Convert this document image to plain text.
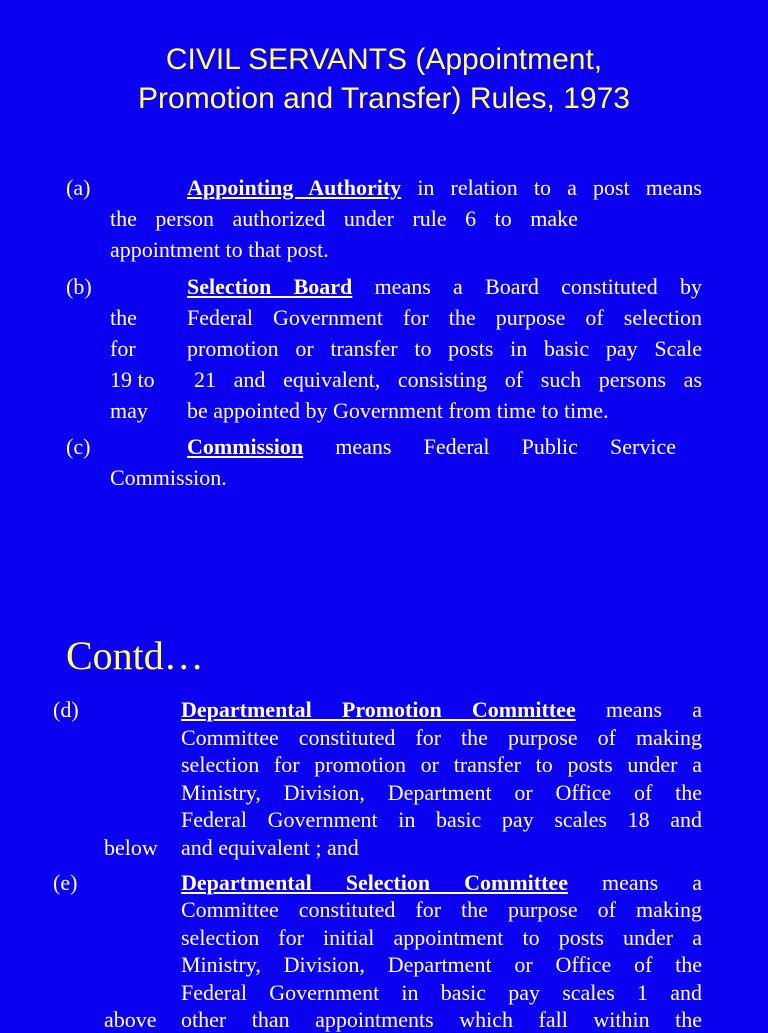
CIVIL SERVANTS (Appointment,
Promotion and Transfer) Rules, 1973
(a)	Appointing Authority in relation to a post means
the person authorized under rule 6 to make
appointment to that post.
(b)	Selection Board means a Board constituted by
the
for
19 to
may
Federal Government for the purpose of selection
promotion or transfer to posts in basic pay Scale
21 and equivalent, consisting of such persons as
be appointed by Government from time to time.
(c)	Commission means Federal Public Service
Commission.
Contd…
(d)	Departmental Promotion Committee means a
Committee constituted for the purpose of making
selection for promotion or transfer to posts under a
Ministry, Division, Department or Office of the
Federal Government in basic pay scales 18 and
below and equivalent ; and
(e)	Departmental Selection Committee means a
Committee constituted for the purpose of making
selection for initial appointment to posts under a
Ministry, Division, Department or Office of the
Federal Government in basic pay scales 1 and
above other than appointments which fall within the
